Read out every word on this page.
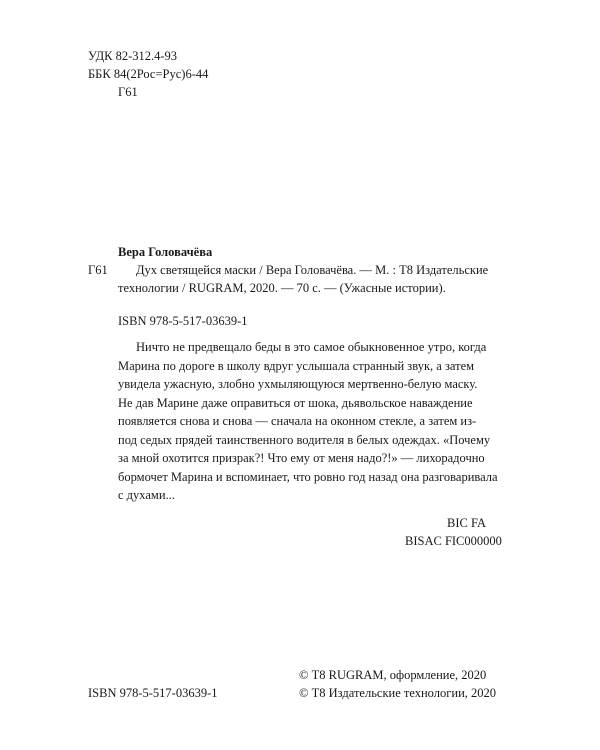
УДК 82-312.4-93
ББК 84(2Рос=Рус)6-44
Г61
Вера Головачёва
Г61 Дух светящейся маски / Вера Головачёва. — М. : Т8 Издательские
технологии / RUGRAM, 2020. — 70 с. — (Ужасные истории).
ISBN 978-5-517-03639-1
Ничто не предвещало беды в это самое обыкновенное утро, когда
Марина по дороге в школу вдруг услышала странный звук, а затем
увидела ужасную, злобно ухмыляющуюся мертвенно-белую маску.
Не дав Марине даже оправиться от шока, дьявольское наваждение
появляется снова и снова — сначала на оконном стекле, а затем из-
под седых прядей таинственного водителя в белых одеждах. «Почему
за мной охотится призрак?! Что ему от меня надо?!» — лихорадочно
бормочет Марина и вспоминает, что ровно год назад она разговаривала
с духами...
BIC FA
BISAC FIC000000
ISBN 978-5-517-03639-1
© Т8 RUGRAM, оформление, 2020
© Т8 Издательские технологии, 2020
